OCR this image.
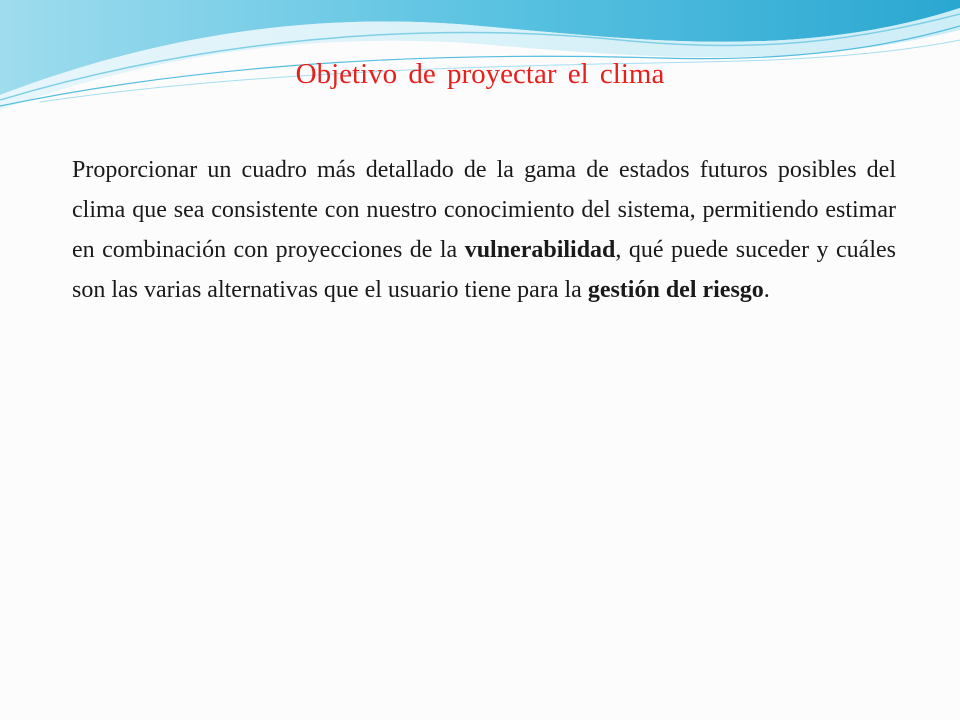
Objetivo de proyectar el clima

Proporcionar un cuadro más detallado de la gama de estados futuros posibles del clima que sea consistente con nuestro conocimiento del sistema, permitiendo estimar en combinación con proyecciones de la vulnerabilidad, qué puede suceder y cuáles son las varias alternativas que el usuario tiene para la gestión del riesgo.
